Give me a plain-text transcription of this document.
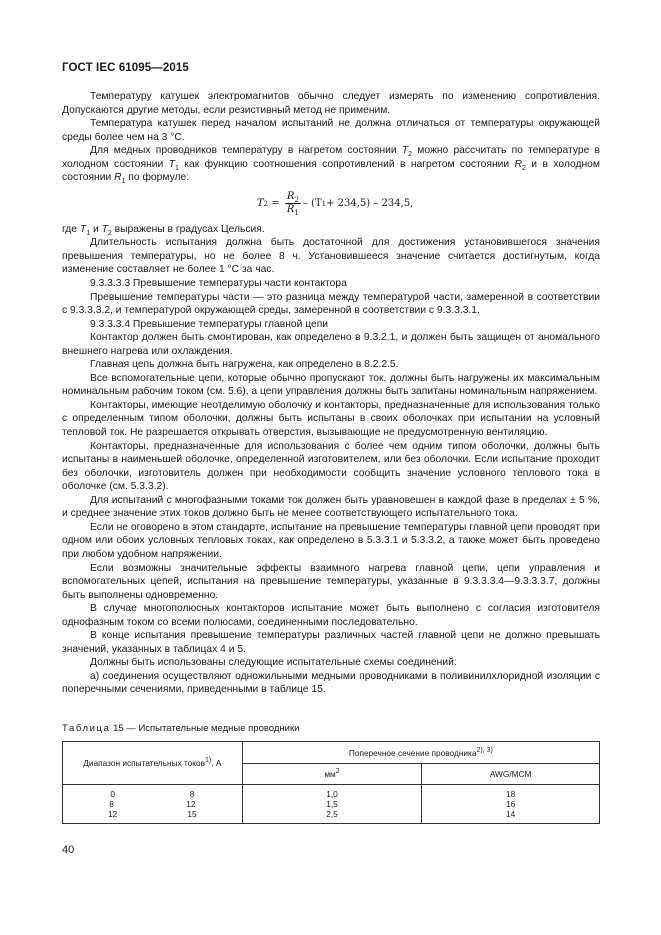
ГОСТ IEC 61095—2015

Температуру катушек электромагнитов обычно следует измерять по изменению сопротивления. Допускаются другие методы, если резистивный метод не применим.

Температура катушек перед началом испытаний не должна отличаться от температуры окружающей среды более чем на 3 °С.

Для медных проводников температуру в нагретом состоянии $T_2$ можно рассчитать по температуре в холодном состоянии $T_1$ как функцию соотношения сопротивлений в нагретом состоянии $R_2$ и в холодном состоянии $R_1$ по формуле:

T $2 = \frac{R_2}{R_1} - (T$ 1 + 234,5) – 234,5,

где $T_1$ и $T_2$ выражены в градусах Цельсия.

Длительность испытания должна быть достаточной для достижения установившегося значения превышения температуры, но не более 8 ч. Установившееся значение считается достигнутым, когда изменение составляет не более 1 °С за час.

9.3.3.3.3 Превышение температуры части контактора

Превышение температуры части — это разница между температурой части, замеренной в соответствии с 9.3.3.3.2, и температурой окружающей среды, замеренной в соответствии с 9.3.3.3.1.

9.3.3.3.4 Превышение температуры главной цепи

Контактор должен быть смонтирован, как определено в 9.3.2.1, и должен быть защищен от аномального внешнего нагрева или охлаждения.

Главная цепь должна быть нагружена, как определено в 8.2.2.5.

Все вспомогательные цепи, которые обычно пропускают ток, должны быть нагружены их максимальным номинальным рабочим током (см. 5.6), а цепи управления должны быть запитаны номинальным напряжением.

Контакторы, имеющие неотделимую оболочку и контакторы, предназначенные для использования только с определенным типом оболочки, должны быть испытаны в своих оболочках при испытании на условный тепловой ток. Не разрешается открывать отверстия, вызывающие не предусмотренную вентиляцию.

Контакторы, предназначенные для использования с более чем одним типом оболочки, должны быть испытаны в наименьшей оболочке, определенной изготовителем, или без оболочки. Если испытание проходит без оболочки, изготовитель должен при необходимости сообщить значение условного теплового тока в оболочке (см. 5.3.3.2).

Для испытаний с многофазными токами ток должен быть уравновешен в каждой фазе в пределах ± 5 %, и среднее значение этих токов должно быть не менее соответствующего испытательного тока.

Если не оговорено в этом стандарте, испытание на превышение температуры главной цепи проводят при одном или обоих условных тепловых токах, как определено в 5.3.3.1 и 5.3.3.2, а также может быть проведено при любом удобном напряжении.

Если возможны значительные эффекты взаимного нагрева главной цепи, цепи управления и вспомогательных цепей, испытания на превышение температуры, указанные в 9.3.3.3.4—9.3.3.3.7, должны быть выполнены одновременно.

В случае многополюсных контакторов испытание может быть выполнено с согласия изготовителя однофазным током со всеми полюсами, соединенными последовательно.

В конце испытания превышение температуры различных частей главной цепи не должно превышать значений, указанных в таблицах 4 и 5.

Должны быть использованы следующие испытательные схемы соединений:

а) соединения осуществляют одножильными медными проводниками в поливинилхлоридной изоляции с поперечными сечениями, приведенными в таблице 15.

Таблица 15 — Испытательные медные проводники
Диапазон испытательных токов$^{1)}$, А	Поперечное сечение проводника$^{2), 3)}$
	$мм^2$	AWG/MCM

0 8	1,0	18

8 12	1,5	16

12 15	2,5	14
40
